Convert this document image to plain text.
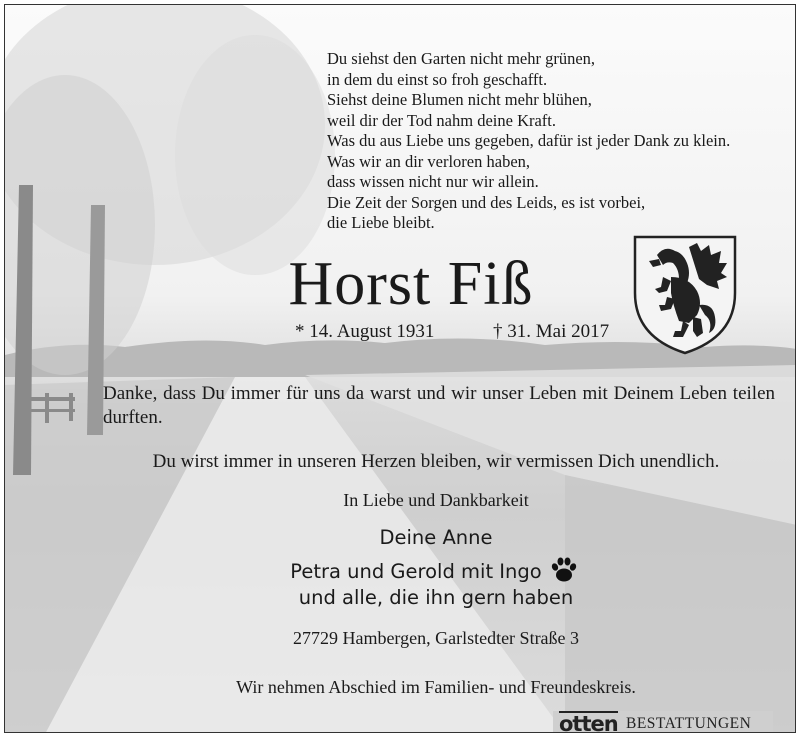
Du siehst den Garten nicht mehr grünen,
in dem du einst so froh geschafft.
Siehst deine Blumen nicht mehr blühen,
weil dir der Tod nahm deine Kraft.
Was du aus Liebe uns gegeben, dafür ist jeder Dank zu klein.
Was wir an dir verloren haben,
dass wissen nicht nur wir allein.
Die Zeit der Sorgen und des Leids, es ist vorbei,
die Liebe bleibt.
Horst Fiß
* 14. August 1931	† 31. Mai 2017
Danke, dass Du immer für uns da warst und wir unser Leben mit Deinem Leben teilen durften.
Du wirst immer in unseren Herzen bleiben, wir vermissen Dich unendlich.
In Liebe und Dankbarkeit
Deine Anne
Petra und Gerold mit Ingo
und alle, die ihn gern haben
27729 Hambergen, Garlstedter Straße 3
Wir nehmen Abschied im Familien- und Freundeskreis.
otten BESTATTUNGEN
